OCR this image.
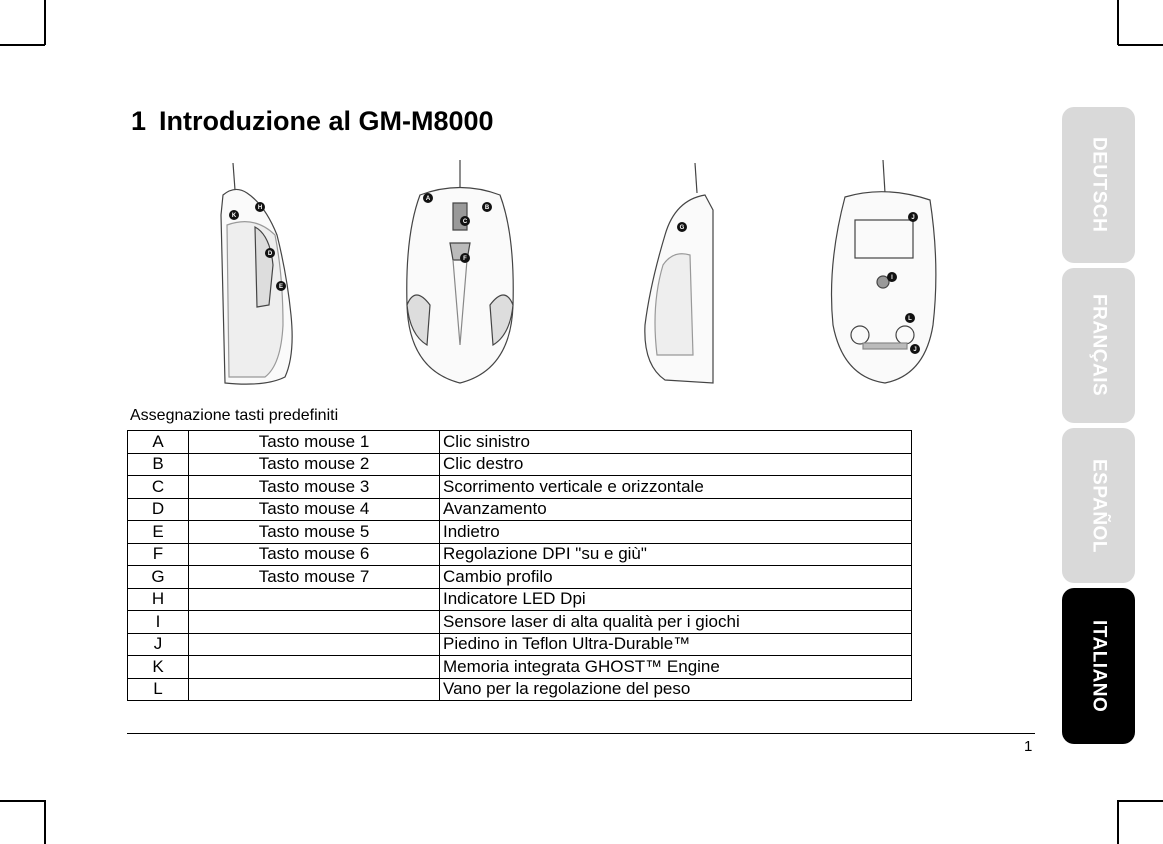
1 Introduzione al GM-M8000
K
H
D
E
A
B
C
F
G
J
I
L
J
Assegnazione tasti predefiniti
A	Tasto mouse 1	Clic sinistro
B	Tasto mouse 2	Clic destro
C	Tasto mouse 3	Scorrimento verticale e orizzontale
D	Tasto mouse 4	Avanzamento
E	Tasto mouse 5	Indietro
F	Tasto mouse 6	Regolazione DPI "su e giù"
G	Tasto mouse 7	Cambio profilo
H		Indicatore LED Dpi
I		Sensore laser di alta qualità per i giochi
J		Piedino in Teflon Ultra-Durable™
K		Memoria integrata GHOST™ Engine
L		Vano per la regolazione del peso
1
DEUTSCH
FRANÇAIS
ESPAÑOL
ITALIANO
